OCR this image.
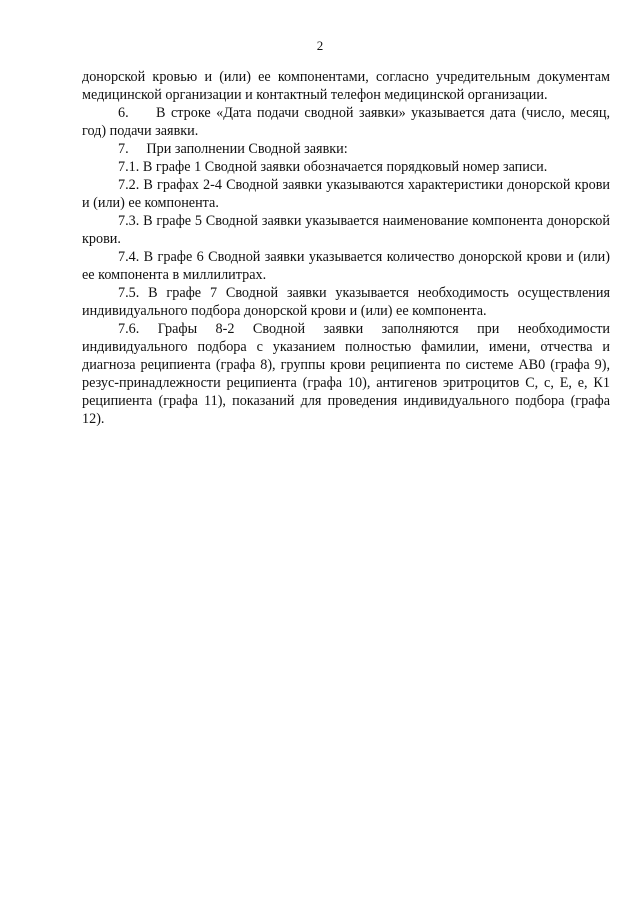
2

донорской кровью и (или) ее компонентами, согласно учредительным документам медицинской организации и контактный телефон медицинской организации.

6.     В строке «Дата подачи сводной заявки» указывается дата (число, месяц, год) подачи заявки.

7.     При заполнении Сводной заявки:

7.1. В графе 1 Сводной заявки обозначается порядковый номер записи.

7.2. В графах 2-4 Сводной заявки указываются характеристики донорской крови и (или) ее компонента.

7.3. В графе 5 Сводной заявки указывается наименование компонента донорской крови.

7.4. В графе 6 Сводной заявки указывается количество донорской крови и (или) ее компонента в миллилитрах.

7.5. В графе 7 Сводной заявки указывается необходимость осуществления индивидуального подбора донорской крови и (или) ее компонента.

7.6. Графы 8-2 Сводной заявки заполняются при необходимости индивидуального подбора с указанием полностью фамилии, имени, отчества и диагноза реципиента (графа 8), группы крови реципиента по системе АВ0 (графа 9), резус-принадлежности реципиента (графа 10), антигенов эритроцитов С, с, Е, е, К1 реципиента (графа 11), показаний для проведения индивидуального подбора (графа 12).
